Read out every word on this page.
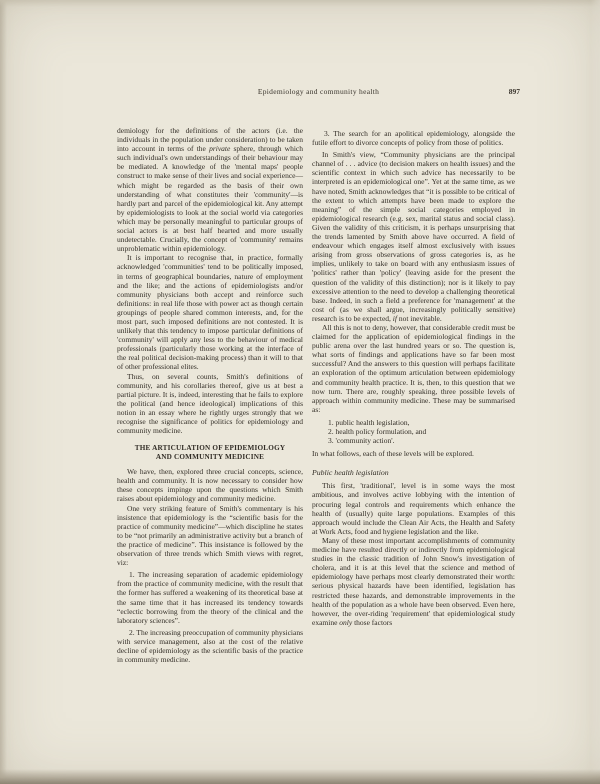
Epidemiology and community health	897

demiology for the definitions of the actors (i.e. the individuals in the population under consideration) to be taken into account in terms of the private sphere, through which such individual's own understandings of their behaviour may be mediated. A knowledge of the 'mental maps' people construct to make sense of their lives and social experience—which might be regarded as the basis of their own understanding of what constitutes their 'community'—is hardly part and parcel of the epidemiological kit. Any attempt by epidemiologists to look at the social world via categories which may be personally meaningful to particular groups of social actors is at best half hearted and more usually undetectable. Crucially, the concept of 'community' remains unproblematic within epidemiology.

It is important to recognise that, in practice, formally acknowledged 'communities' tend to be politically imposed, in terms of geographical boundaries, nature of employment and the like; and the actions of epidemiologists and/or community physicians both accept and reinforce such definitions: in real life those with power act as though certain groupings of people shared common interests, and, for the most part, such imposed definitions are not contested. It is unlikely that this tendency to impose particular definitions of 'community' will apply any less to the behaviour of medical professionals (particularly those working at the interface of the real political decision-making process) than it will to that of other professional elites.

Thus, on several counts, Smith's definitions of community, and his corollaries thereof, give us at best a partial picture. It is, indeed, interesting that he fails to explore the political (and hence ideological) implications of this notion in an essay where he rightly urges strongly that we recognise the significance of politics for epidemiology and community medicine.

THE ARTICULATION OF EPIDEMIOLOGY
AND COMMUNITY MEDICINE

We have, then, explored three crucial concepts, science, health and community. It is now necessary to consider how these concepts impinge upon the questions which Smith raises about epidemiology and community medicine.

One very striking feature of Smith's commentary is his insistence that epidemiology is the “scientific basis for the practice of community medicine”—which discipline he states to be “not primarily an administrative activity but a branch of the practice of medicine”. This insistance is followed by the observation of three trends which Smith views with regret, viz:

1. The increasing separation of academic epidemiology from the practice of community medicine, with the result that the former has suffered a weakening of its theoretical base at the same time that it has increased its tendency towards “eclectic borrowing from the theory of the clinical and the laboratory sciences”.

2. The increasing preoccupation of community physicians with service management, also at the cost of the relative decline of epidemiology as the scientific basis of the practice in community medicine.

3. The search for an apolitical epidemiology, alongside the futile effort to divorce concepts of policy from those of politics.

In Smith's view, “Community physicians are the principal channel of . . . advice (to decision makers on health issues) and the scientific context in which such advice has necessarily to be interpreted is an epidemiological one”. Yet at the same time, as we have noted, Smith acknowledges that “it is possible to be critical of the extent to which attempts have been made to explore the meaning” of the simple social categories employed in epidemiological research (e.g. sex, marital status and social class). Given the validity of this criticism, it is perhaps unsurprising that the trends lamented by Smith above have occurred. A field of endeavour which engages itself almost exclusively with issues arising from gross observations of gross categories is, as he implies, unlikely to take on board with any enthusiasm issues of 'politics' rather than 'policy' (leaving aside for the present the question of the validity of this distinction); nor is it likely to pay excessive attention to the need to develop a challenging theoretical base. Indeed, in such a field a preference for 'management' at the cost of (as we shall argue, increasingly politically sensitive) research is to be expected, if not inevitable.

All this is not to deny, however, that considerable credit must be claimed for the application of epidemiological findings in the public arena over the last hundred years or so. The question is, what sorts of findings and applications have so far been most successful? And the answers to this question will perhaps facilitate an exploration of the optimum articulation between epidemiology and community health practice. It is, then, to this question that we now turn. There are, roughly speaking, three possible levels of approach within community medicine. These may be summarised as:

1. public health legislation,
2. health policy formulation, and
3. 'community action'.

In what follows, each of these levels will be explored.

Public health legislation

This first, 'traditional', level is in some ways the most ambitious, and involves active lobbying with the intention of procuring legal controls and requirements which enhance the health of (usually) quite large populations. Examples of this approach would include the Clean Air Acts, the Health and Safety at Work Acts, food and hygiene legislation and the like.

Many of these most important accomplishments of community medicine have resulted directly or indirectly from epidemiological studies in the classic tradition of John Snow's investigation of cholera, and it is at this level that the science and method of epidemiology have perhaps most clearly demonstrated their worth: serious physical hazards have been identified, legislation has restricted these hazards, and demonstrable improvements in the health of the population as a whole have been observed. Even here, however, the over-riding 'requirement' that epidemiological study examine only those factors
